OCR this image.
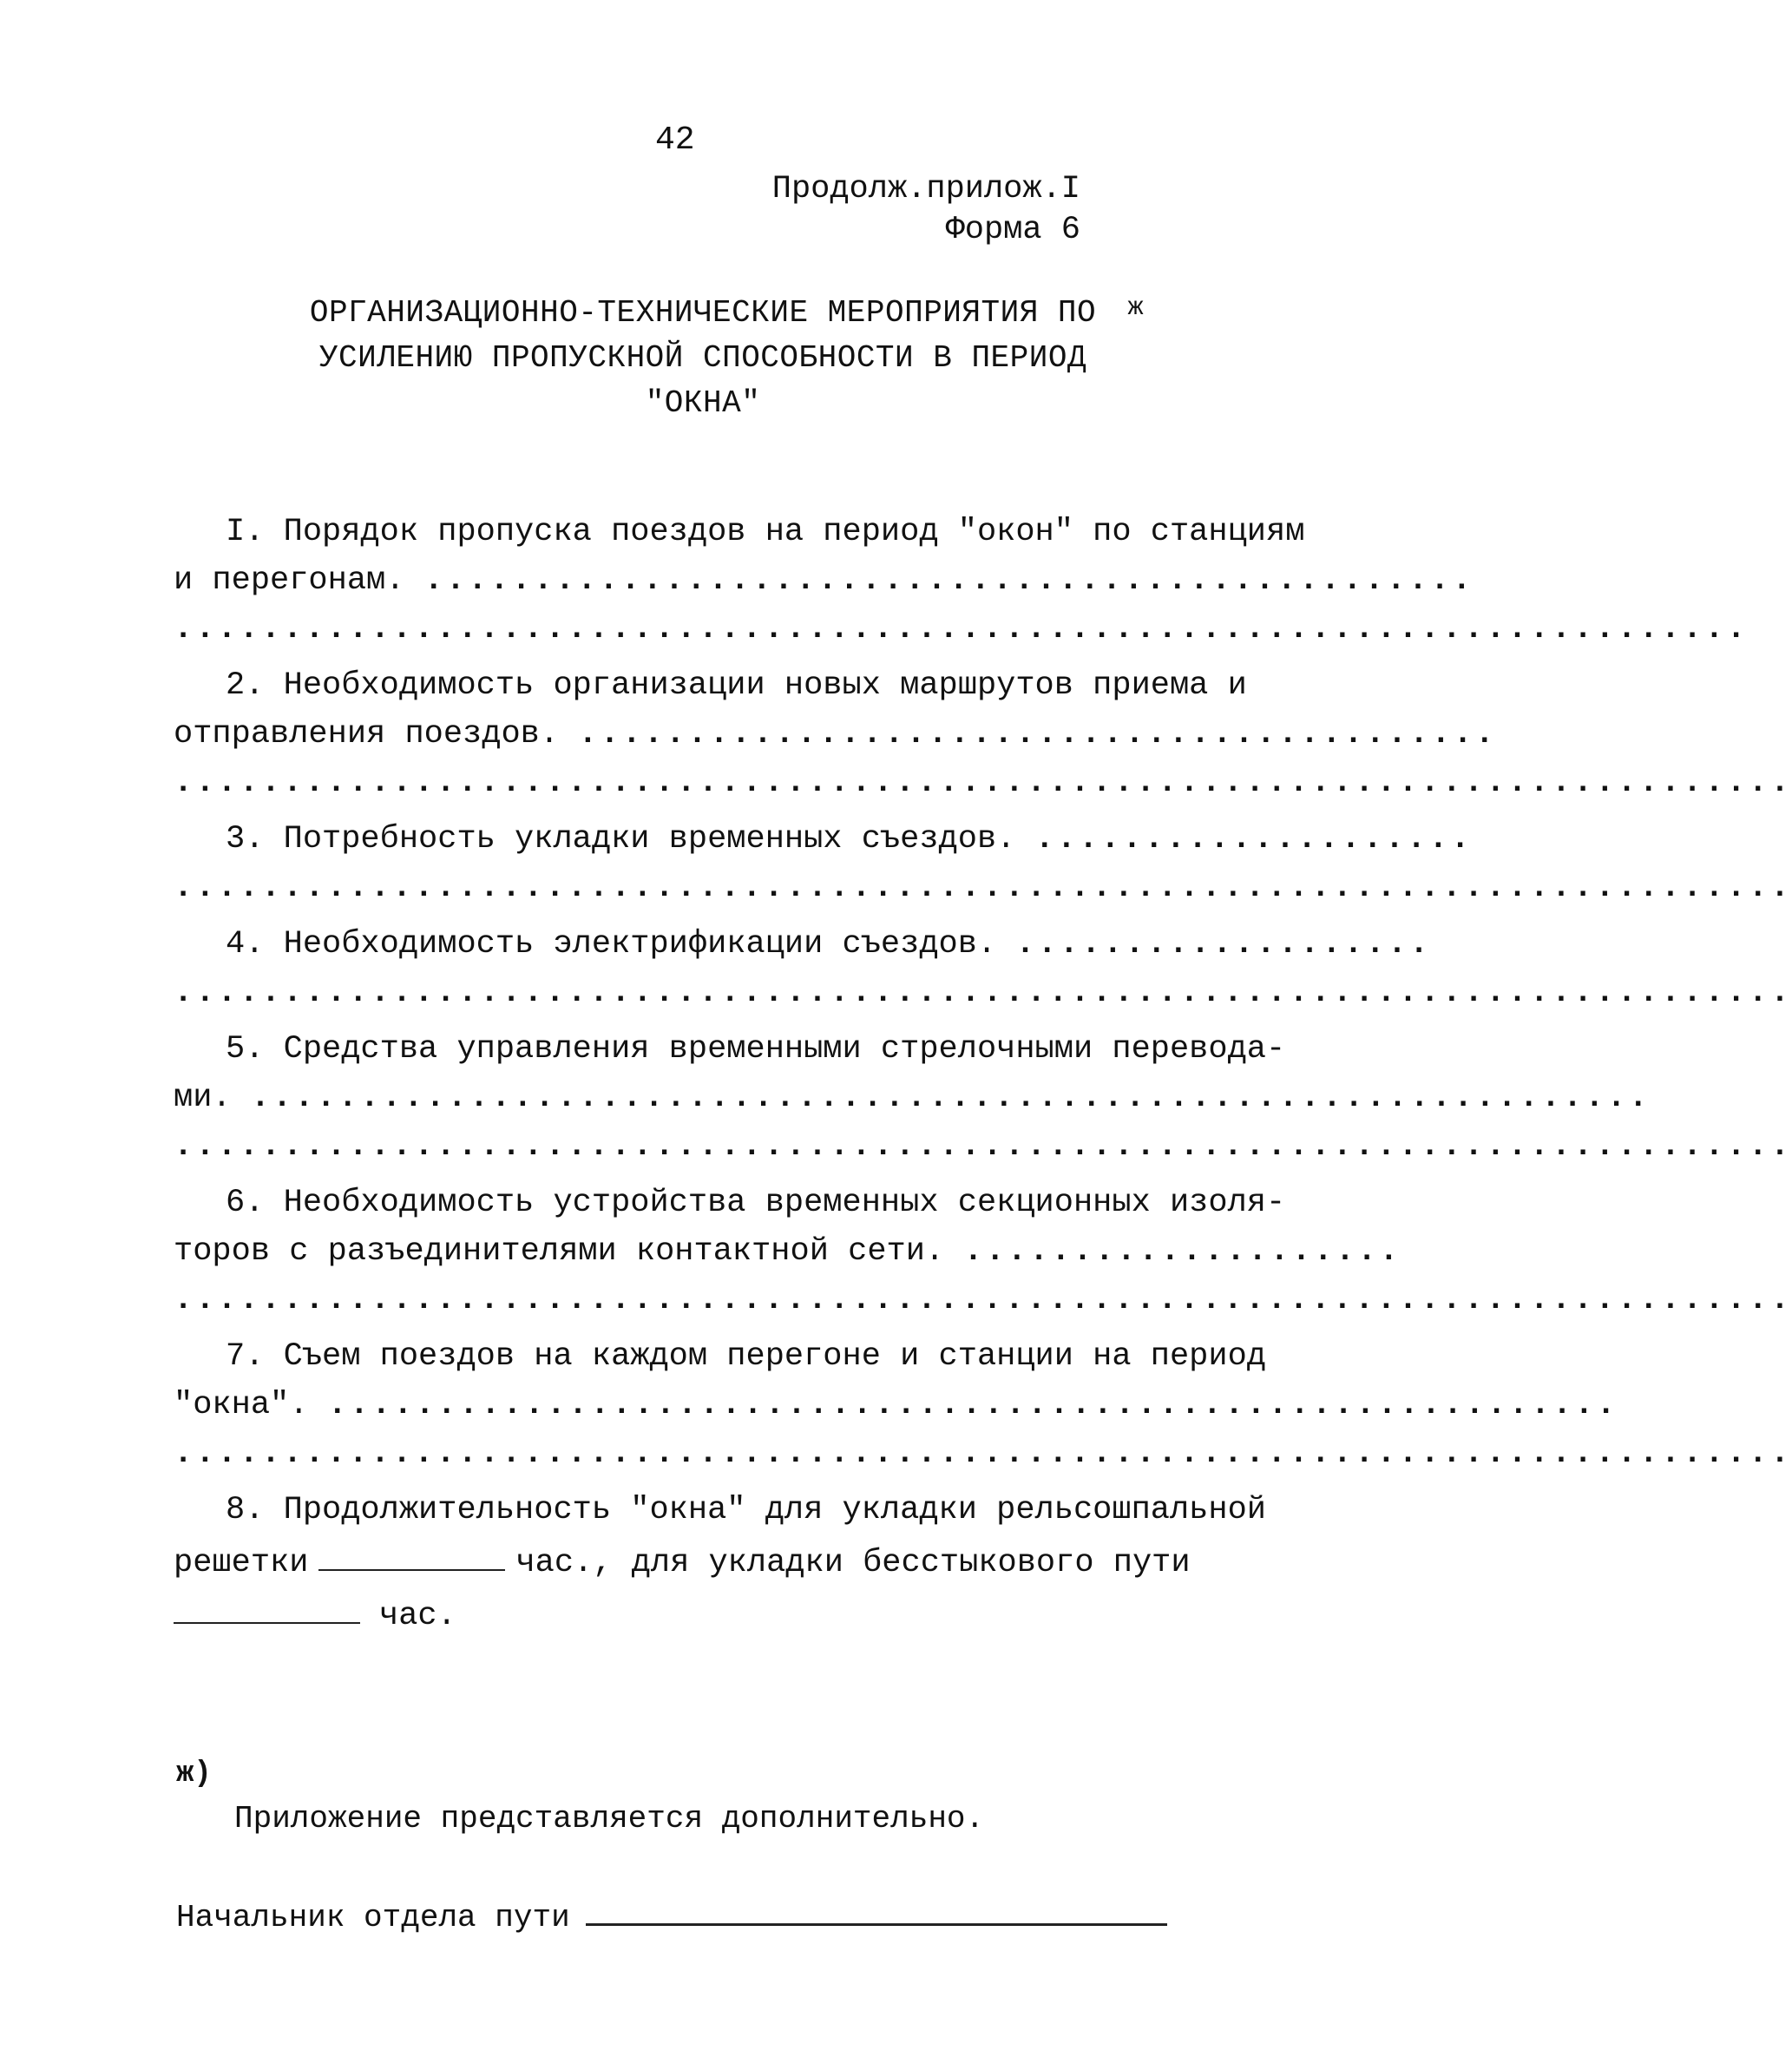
42
Продолж.прилож.I
Форма 6
ОРГАНИЗАЦИОННО-ТЕХНИЧЕСКИЕ МЕРОПРИЯТИЯ ПО
УСИЛЕНИЮ ПРОПУСКНОЙ СПОСОБНОСТИ В ПЕРИОД
"ОКНА"
ж
I. Порядок пропуска поездов на период "окон" по станциям
и перегонам. ................................................
........................................................................
2. Необходимость организации новых маршрутов приема и
отправления поездов. ..........................................
..........................................................................
3. Потребность укладки временных съездов. ....................
..........................................................................
4. Необходимость электрификации съездов. ...................
..........................................................................
5. Средства управления временными стрелочными перевода-
ми. ................................................................
..........................................................................
6. Необходимость устройства временных секционных изоля-
торов с разъединителями контактной сети. ....................
..........................................................................
7. Съем поездов на каждом перегоне и станции на период
"окна". ...........................................................
..........................................................................
8. Продолжительность "окна" для укладки рельсошпальной
решетки	час., для укладки бесстыкового пути
час.
ж)
Приложение представляется дополнительно.
Начальник отдела пути
